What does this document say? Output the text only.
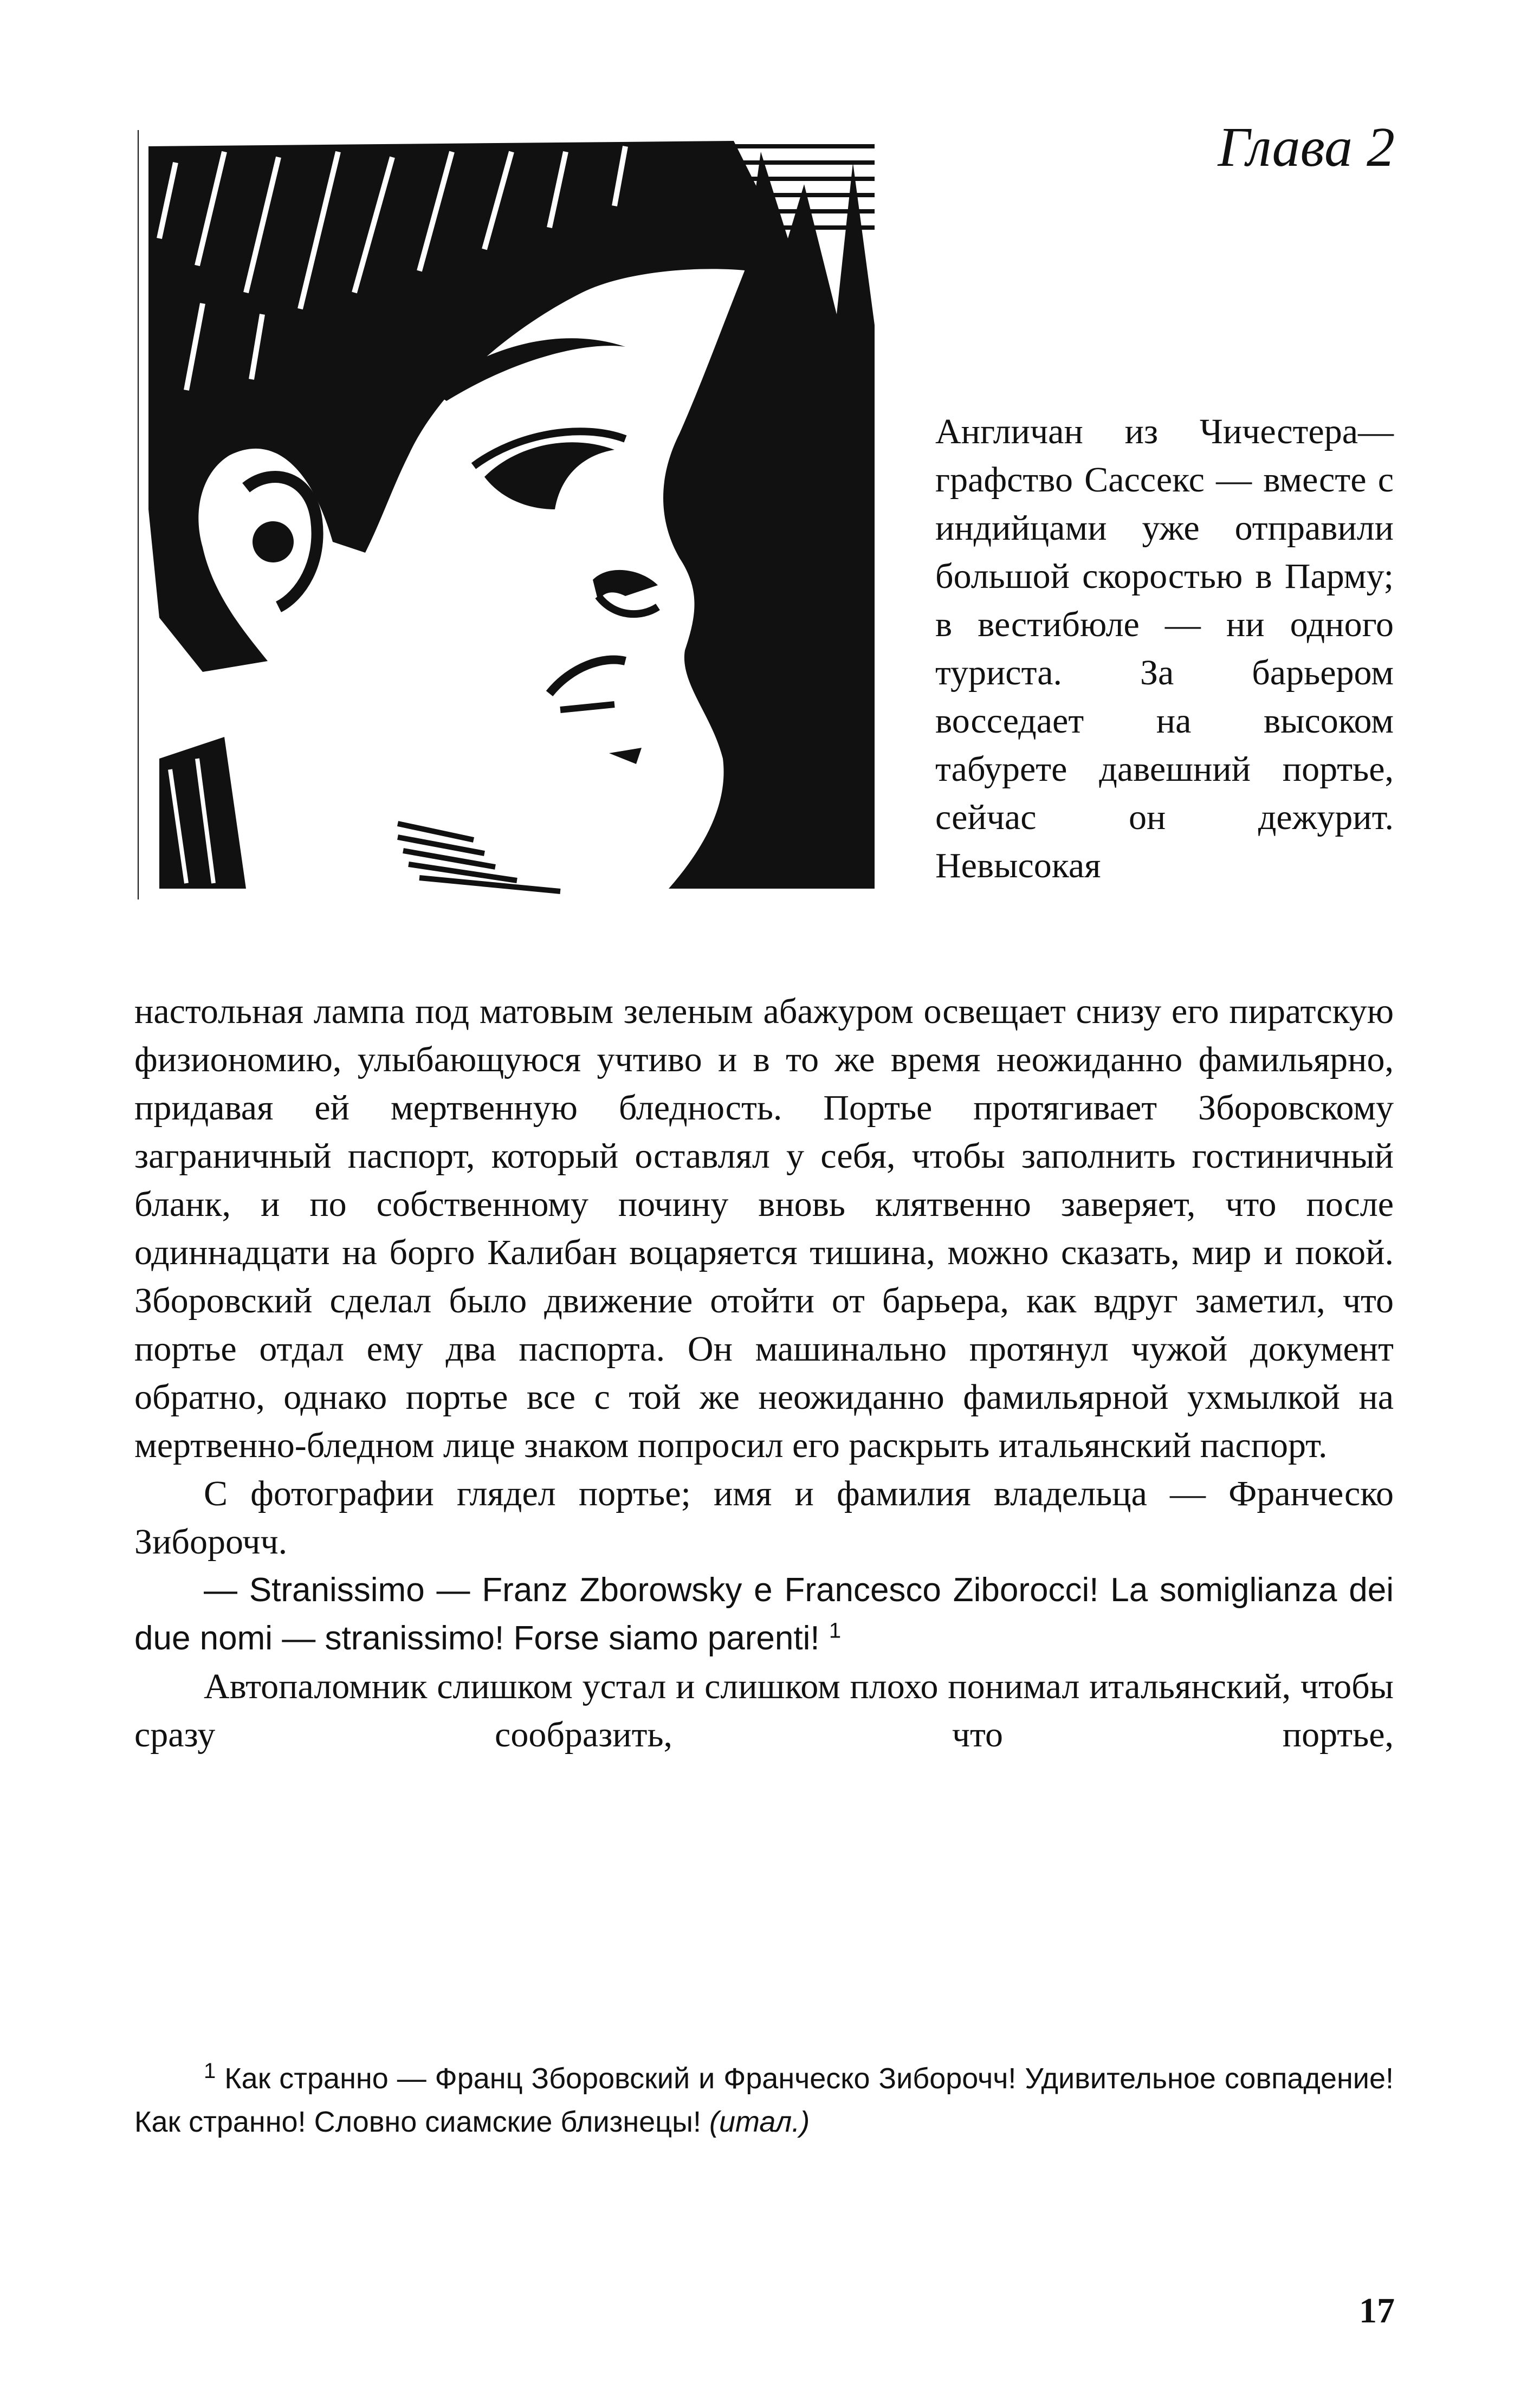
Глава 2
Англичан из Чичестера—графство Сассекс — вместе с индийцами уже отправили большой скоростью в Парму; в вестибюле — ни одного туриста. За барьером восседает на высоком табурете давешний портье, сейчас он дежурит. Невысокая

настольная лампа под матовым зеленым абажуром освещает снизу его пиратскую физиономию, улыбающуюся учтиво и в то же время неожиданно фамильярно, придавая ей мертвенную бледность. Портье протягивает Зборовскому заграничный паспорт, который оставлял у себя, чтобы заполнить гостиничный бланк, и по собственному почину вновь клятвенно заверяет, что после одиннадцати на борго Калибан воцаряется тишина, можно сказать, мир и покой. Зборовский сделал было движение отойти от барьера, как вдруг заметил, что портье отдал ему два паспорта. Он машинально протянул чужой документ обратно, однако портье все с той же неожиданно фамильярной ухмылкой на мертвенно-бледном лице знаком попросил его раскрыть итальянский паспорт.

С фотографии глядел портье; имя и фамилия владельца — Франческо Зиборочч.

— Stranissimo — Franz Zborowsky e Francesco Ziborocci! La somiglianza dei due nomi — stranissimo! Forse siamo parenti! $^1$

Автопаломник слишком устал и слишком плохо понимал итальянский, чтобы сразу сообразить, что портье,

$^1$ Как странно — Франц Зборовский и Франческо Зиборочч! Удивительное совпадение! Как странно! Словно сиамские близнецы! (итал.)
17
